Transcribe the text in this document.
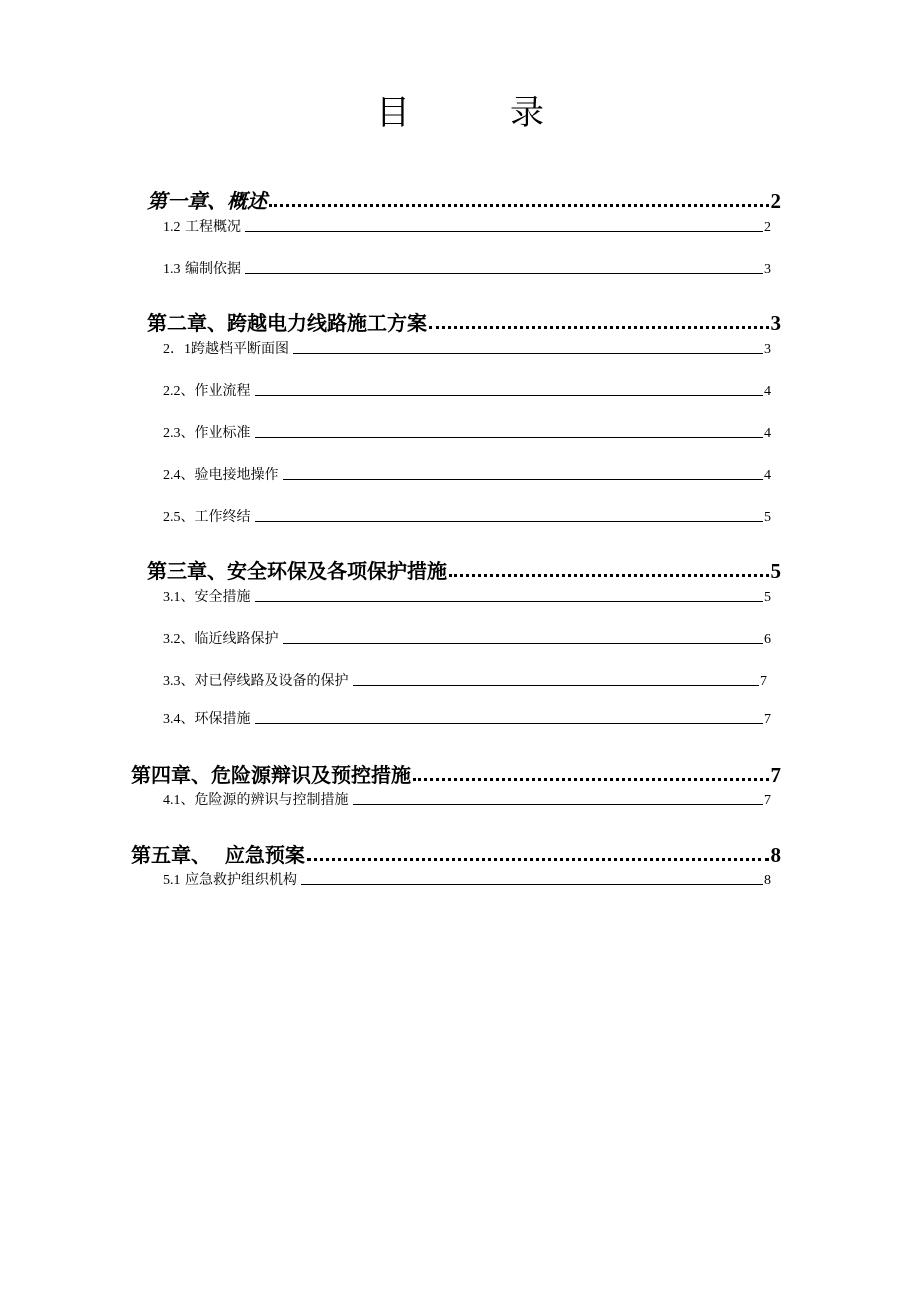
目	录
第一章、概述	2
1.2 工程概况	2
1.3 编制依据	3
第二章、跨越电力线路施工方案	3
2．1跨越档平断面图	3
2.2、作业流程	4
2.3、作业标准	4
2.4、验电接地操作	4
2.5、工作终结	5
第三章、安全环保及各项保护措施	5
3.1、安全措施	5
3.2、临近线路保护	6
3.3、对已停线路及设备的保护	7
3.4、环保措施	7
第四章、危险源辩识及预控措施	7
4.1、危险源的辨识与控制措施	7
第五章、  应急预案	8
5.1 应急救护组织机构	8
